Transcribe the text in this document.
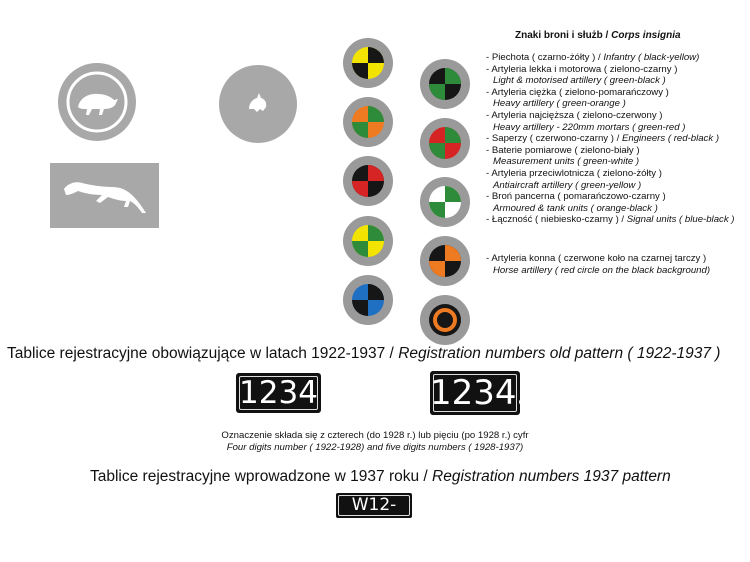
Znaki broni i służb / Corps insignia
- Piechota ( czarno-żółty ) / Infantry ( black-yellow)
- Artyleria lekka i motorowa ( zielono-czarny )
Light & motorised artillery ( green-black )
- Artyleria ciężka ( zielono-pomarańczowy )
Heavy artillery ( green-orange )
- Artyleria najcięższa ( zielono-czerwony )
Heavy artillery - 220mm mortars ( green-red )
- Saperzy ( czerwono-czarny ) / Engineers ( red-black )
- Baterie pomiarowe ( zielono-biały )
Measurement units ( green-white )
- Artyleria przeciwlotnicza ( zielono-żółty )
Antiaircraft artillery ( green-yellow )
- Broń pancerna ( pomarańczowo-czarny )
Armoured & tank units ( orange-black )
- Łączność ( niebiesko-czarny ) / Signal units ( blue-black )
- Artyleria konna ( czerwone koło na czarnej tarczy )
Horse artillery ( red circle on the black background)
Tablice rejestracyjne obowiązujące w latach 1922-1937 / Registration numbers old pattern ( 1922-1937 )
1234	12345
Oznaczenie składa się z czterech (do 1928 r.) lub pięciu (po 1928 r.) cyfr
Four digits number ( 1922-1928) and five digits numbers ( 1928-1937)
Tablice rejestracyjne wprowadzone w 1937 roku / Registration numbers 1937 pattern
W12-345
